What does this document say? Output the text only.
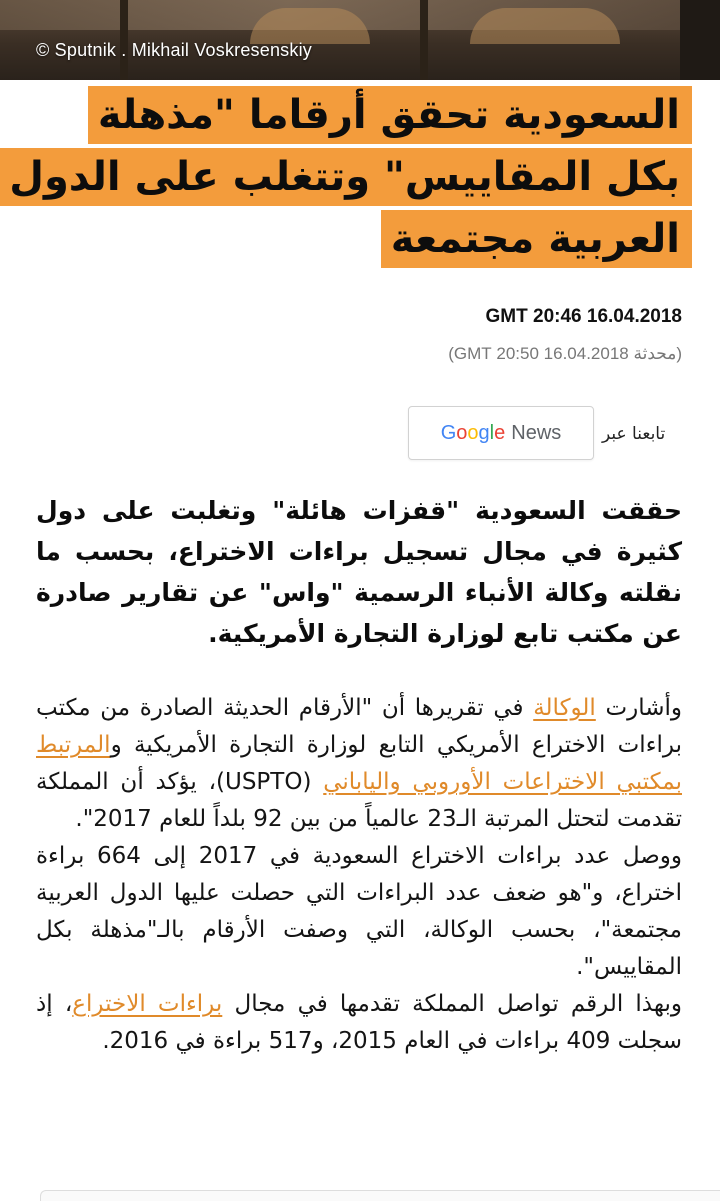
© Sputnik . Mikhail Voskresenskiy
السعودية تحقق أرقاما "مذهلة
بكل المقاييس" وتتغلب على الدول
العربية مجتمعة
GMT 20:46 16.04.2018
(محدثة 16.04.2018 20:50 GMT)
تابعنا عبر
Google News
حققت السعودية "قفزات هائلة" وتغلبت على دول كثيرة في مجال تسجيل براءات الاختراع، بحسب ما نقلته وكالة الأنباء الرسمية "واس" عن تقارير صادرة عن مكتب تابع لوزارة التجارة الأمريكية.

وأشارت الوكالة في تقريرها أن "الأرقام الحديثة الصادرة من مكتب براءات الاختراع الأمريكي التابع لوزارة التجارة الأمريكية والمرتبط بمكتبي الاختراعات الأوروبي والياباني (USPTO)، يؤكد أن المملكة تقدمت لتحتل المرتبة الـ23 عالمياً من بين 92 بلداً للعام 2017".

ووصل عدد براءات الاختراع السعودية في 2017 إلى 664 براءة اختراع، و"هو ضعف عدد البراءات التي حصلت عليها الدول العربية مجتمعة"، بحسب الوكالة، التي وصفت الأرقام بالـ"مذهلة بكل المقاييس".

وبهذا الرقم تواصل المملكة تقدمها في مجال براءات الاختراع، إذ سجلت 409 براءات في العام 2015، و517 براءة في 2016.
